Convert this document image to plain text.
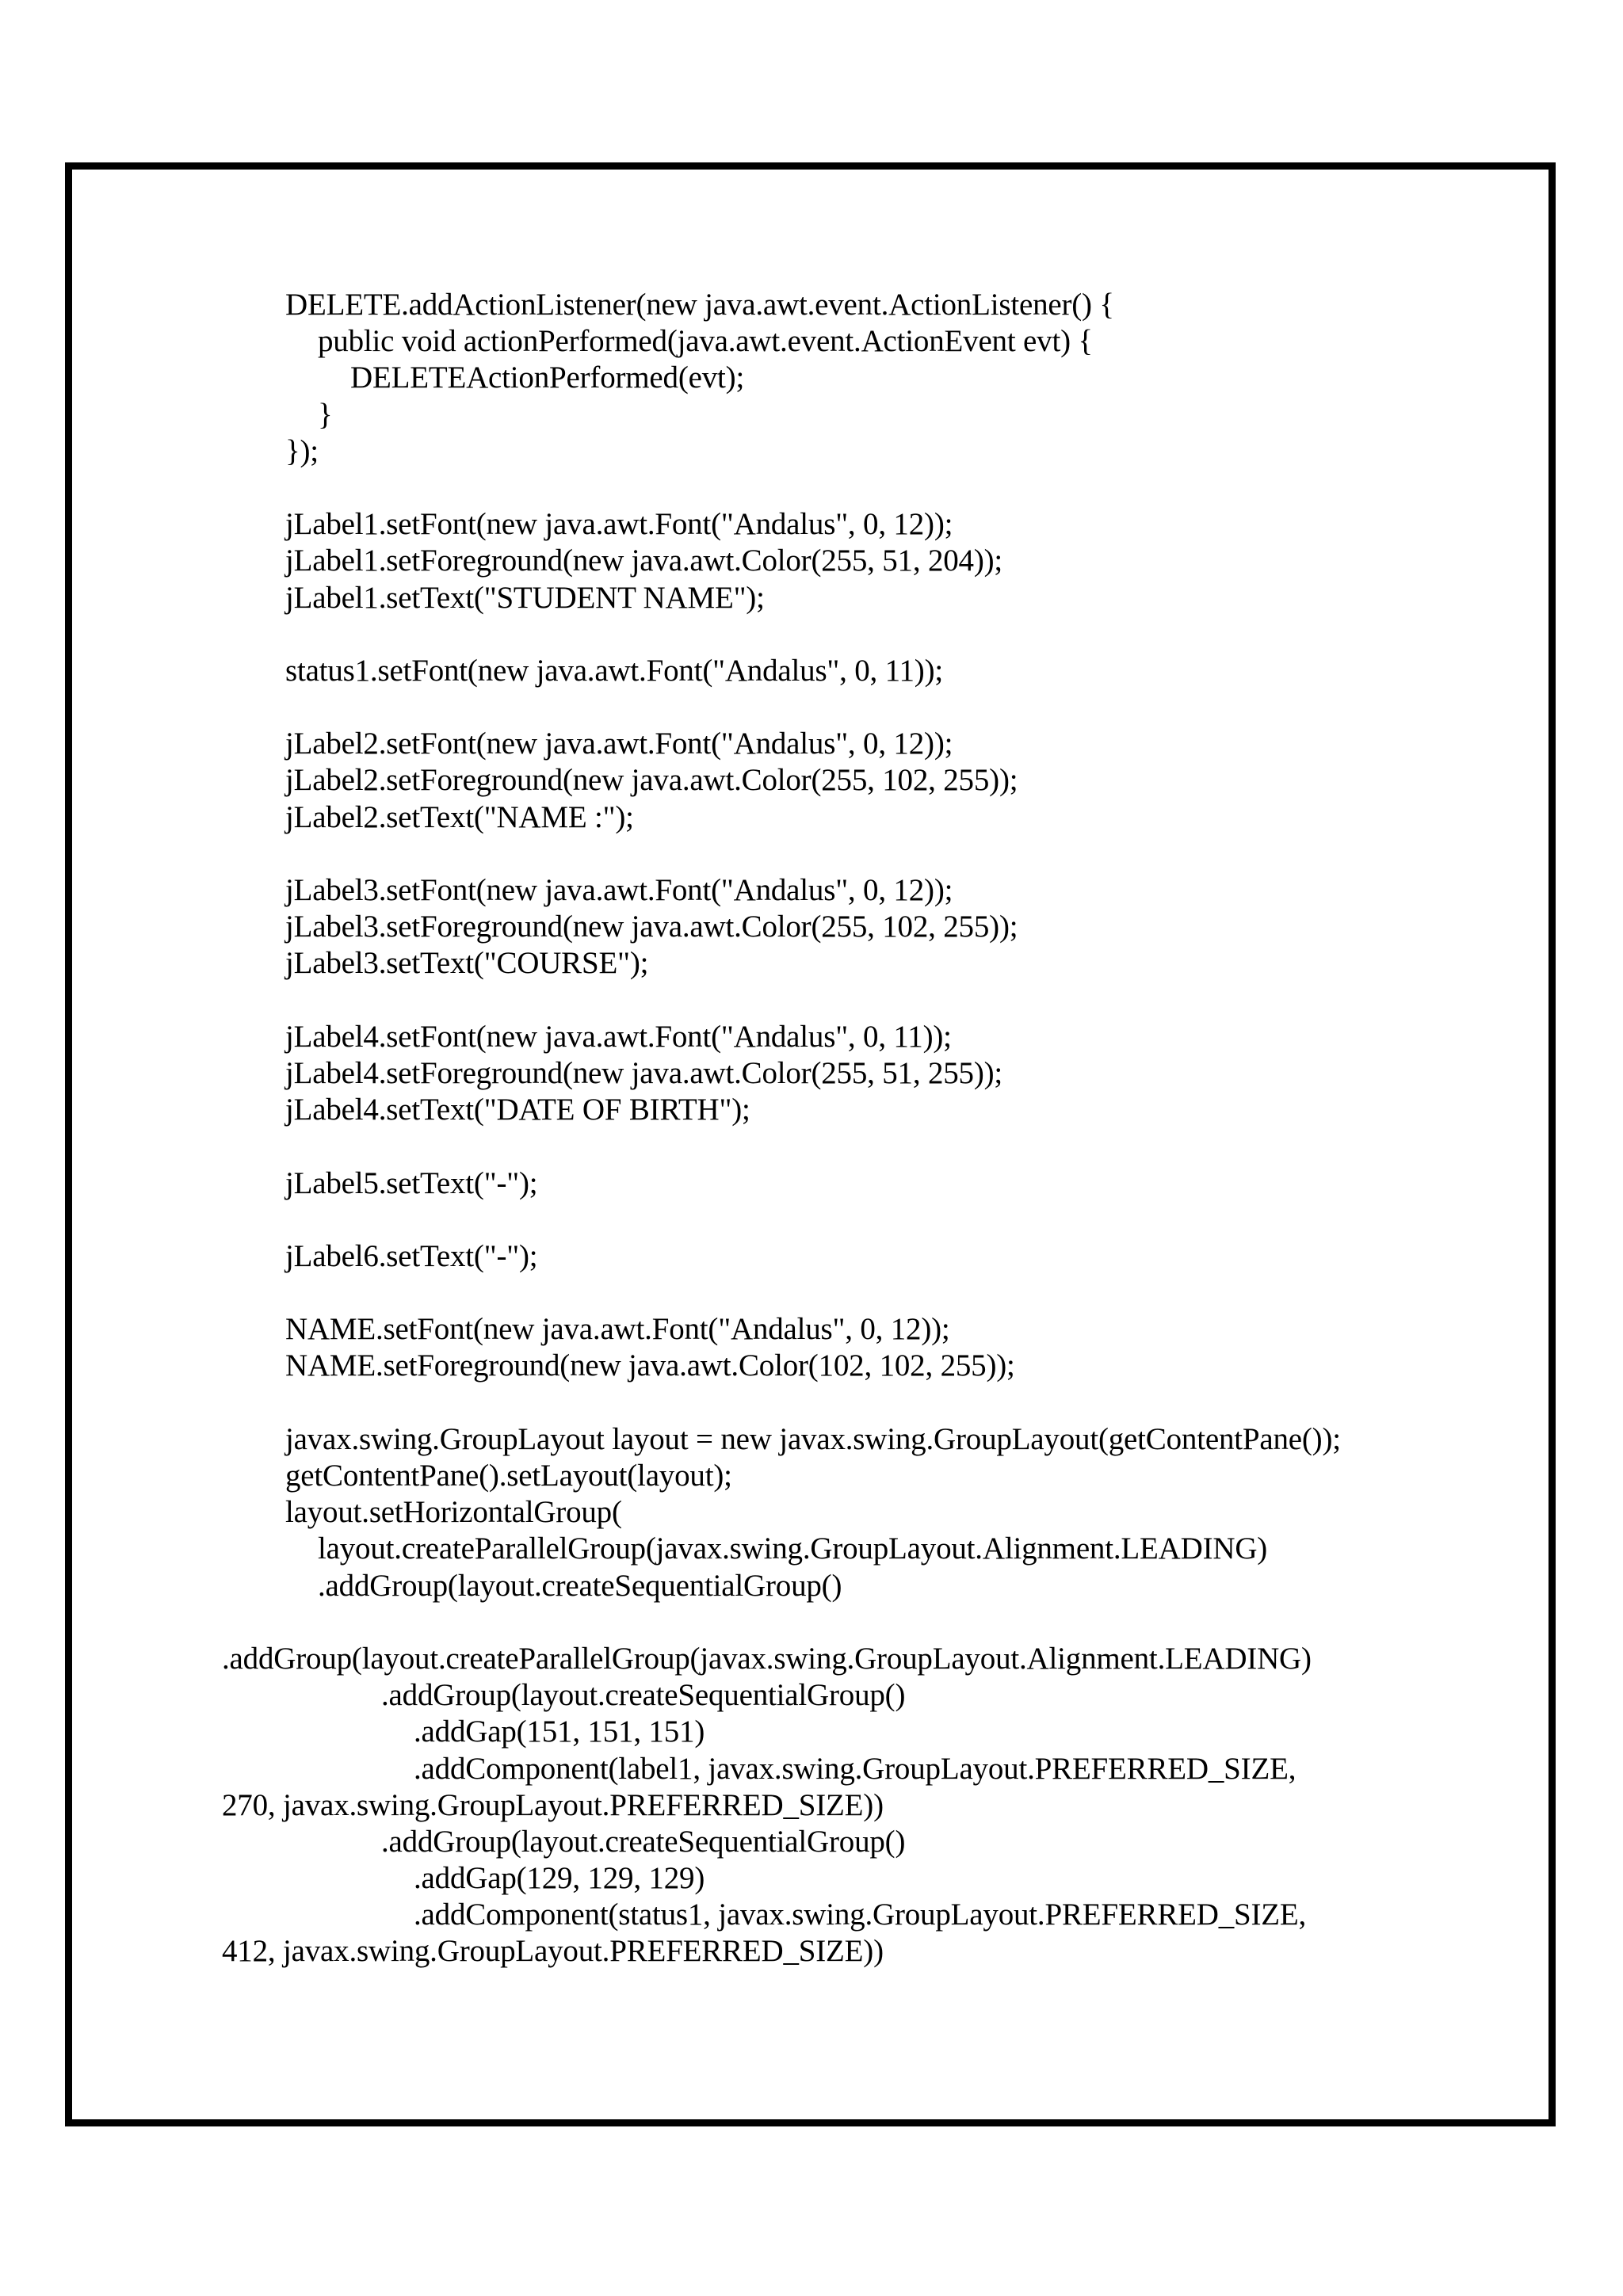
DELETE.addActionListener(new java.awt.event.ActionListener() {
public void actionPerformed(java.awt.event.ActionEvent evt) {
DELETEActionPerformed(evt);
}
});
jLabel1.setFont(new java.awt.Font("Andalus", 0, 12));
jLabel1.setForeground(new java.awt.Color(255, 51, 204));
jLabel1.setText("STUDENT NAME");
status1.setFont(new java.awt.Font("Andalus", 0, 11));
jLabel2.setFont(new java.awt.Font("Andalus", 0, 12));
jLabel2.setForeground(new java.awt.Color(255, 102, 255));
jLabel2.setText("NAME :");
jLabel3.setFont(new java.awt.Font("Andalus", 0, 12));
jLabel3.setForeground(new java.awt.Color(255, 102, 255));
jLabel3.setText("COURSE");
jLabel4.setFont(new java.awt.Font("Andalus", 0, 11));
jLabel4.setForeground(new java.awt.Color(255, 51, 255));
jLabel4.setText("DATE OF BIRTH");
jLabel5.setText("-");
jLabel6.setText("-");
NAME.setFont(new java.awt.Font("Andalus", 0, 12));
NAME.setForeground(new java.awt.Color(102, 102, 255));
javax.swing.GroupLayout layout = new javax.swing.GroupLayout(getContentPane());
getContentPane().setLayout(layout);
layout.setHorizontalGroup(
layout.createParallelGroup(javax.swing.GroupLayout.Alignment.LEADING)
.addGroup(layout.createSequentialGroup()
.addGroup(layout.createParallelGroup(javax.swing.GroupLayout.Alignment.LEADING)
.addGroup(layout.createSequentialGroup()
.addGap(151, 151, 151)
.addComponent(label1, javax.swing.GroupLayout.PREFERRED_SIZE,
270, javax.swing.GroupLayout.PREFERRED_SIZE))
.addGroup(layout.createSequentialGroup()
.addGap(129, 129, 129)
.addComponent(status1, javax.swing.GroupLayout.PREFERRED_SIZE,
412, javax.swing.GroupLayout.PREFERRED_SIZE))
